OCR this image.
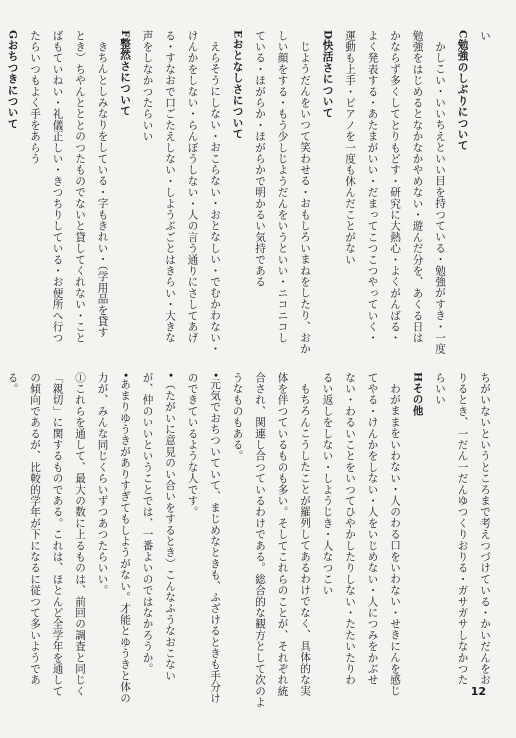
い
C勉強のしぶりについて
かしこい・いいちえといい目を持つている・勉強がすき・一度
勉強をはじめるとなかなかやめない・遊んだ分を、あくる日は
かならず多くしてとりもどす・研究に大熱心・よくがんばる・
よく発表する・あたまがいい・だまってこつこつやっていく・
運動も上手・ピアノを一度も休んだことがない
D快活さについて
じようだんをいつて笑わせる・おもしろいまねをしたり、おか
しい顔をする・もう少しじようだんをいうといい・ニコニコし
ている・ほがらか・ほがらかで明かるい気持である
Eおとなしさについて
えらそうにしない・おこらない・おとなしい・でむかわない・
けんかをしない・らんぼうしない・人の言う通りにさしてあげ
る・すなおで口ごたえしない・しようぶごとはきらい・大きな
声をしなかつたらいい
F整然さについて
きちんとしみなりをしている・字もきれい・（学用品を貸す
とき）ちやんとととのつたものでないと貸してくれない・こと
ばもていねい・礼儀正しい・きつちりしている・お便所へ行つ
たらいつもよく手をあらう
Gおちつきについて
ちがいないというところまで考えつづけている・かいだんをお
りるとき、一だん一だんゆつくりおりる・ガサガサしなかつた
らいい
Hその他
わがままをいわない・人のわる口をいわない・せきにんを感じ
てやる・けんかをしない・人をいじめない・人につみをかぶせ
ない・わるいことをいつてひやかしたりしない・たたいたりわ
るい返しをしない・しようじき・人なつこい
もちろんこうしたことが羅列してあるわけでなく、具体的な実
体を伴つているものも多い。そしてこれらのことが、それぞれ統
合され、関連し合つているわけである。総合的な観方として次のよ
うなものもある。
•元気でおちついていて、まじめなときも、ふざけるときも手分け
のできているような人です。
•（たがいに意見のい合いをするとき）こんなふうなおこない
が、仲のいいということでは、一番よいのではなかろうか。
•あまりゆうきがありすぎてもしようがない。才能とゆうきと体の
力が、みんな同じくらいずつあつたらいい。
①これらを通して、最大の数に上るものは、前回の調査と同じく
「親切」に関するものである。これは、ほとんど全学年を通して
の傾向であるが、比較的学年が下になるに従つて多いようであ
る。
12
